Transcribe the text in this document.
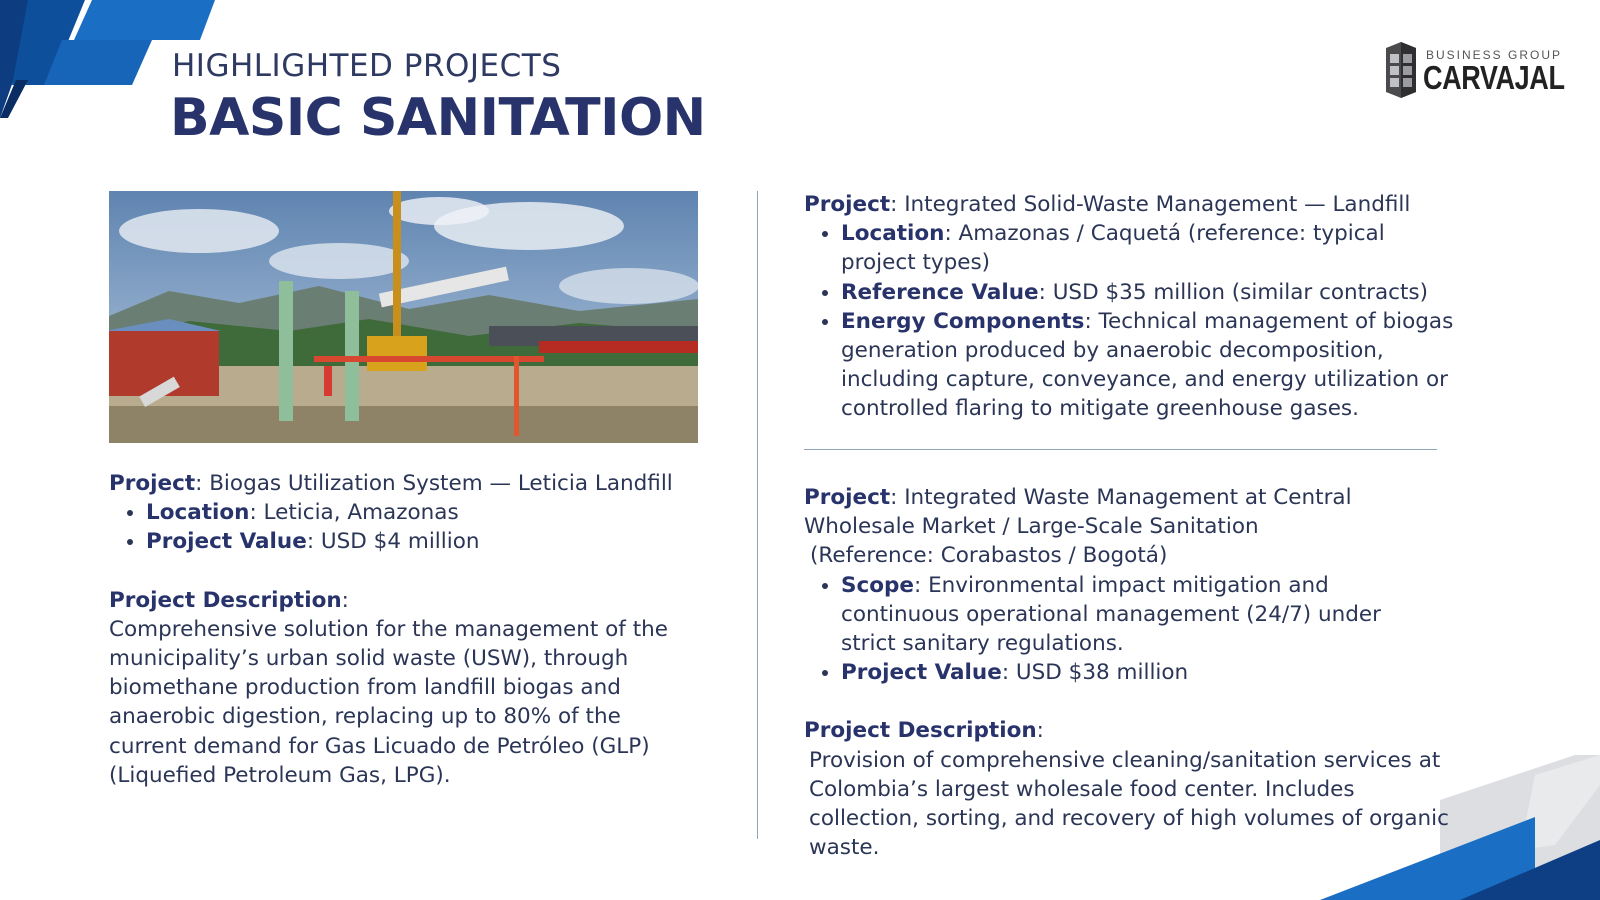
HIGHLIGHTED PROJECTS
BASIC SANITATION
BUSINESS GROUP
CARVAJAL

Project: Biogas Utilization System — Leticia Landfill

• Location: Leticia, Amazonas
• Project Value: USD $4 million

Project Description:

Comprehensive solution for the management of the municipality’s urban solid waste (USW), through biomethane production from landfill biogas and anaerobic digestion, replacing up to 80% of the current demand for Gas Licuado de Petróleo (GLP) (Liquefied Petroleum Gas, LPG).

Project: Integrated Solid-Waste Management — Landfill

• Location: Amazonas / Caquetá (reference: typical project types)
• Reference Value: USD $35 million (similar contracts)
• Energy Components: Technical management of biogas generation produced by anaerobic decomposition, including capture, conveyance, and energy utilization or controlled flaring to mitigate greenhouse gases.

Project: Integrated Waste Management at Central Wholesale Market / Large-Scale Sanitation

(Reference: Corabastos / Bogotá)

• Scope: Environmental impact mitigation and continuous operational management (24/7) under strict sanitary regulations.
• Project Value: USD $38 million

Project Description:

Provision of comprehensive cleaning/sanitation services at Colombia’s largest wholesale food center. Includes collection, sorting, and recovery of high volumes of organic waste.
